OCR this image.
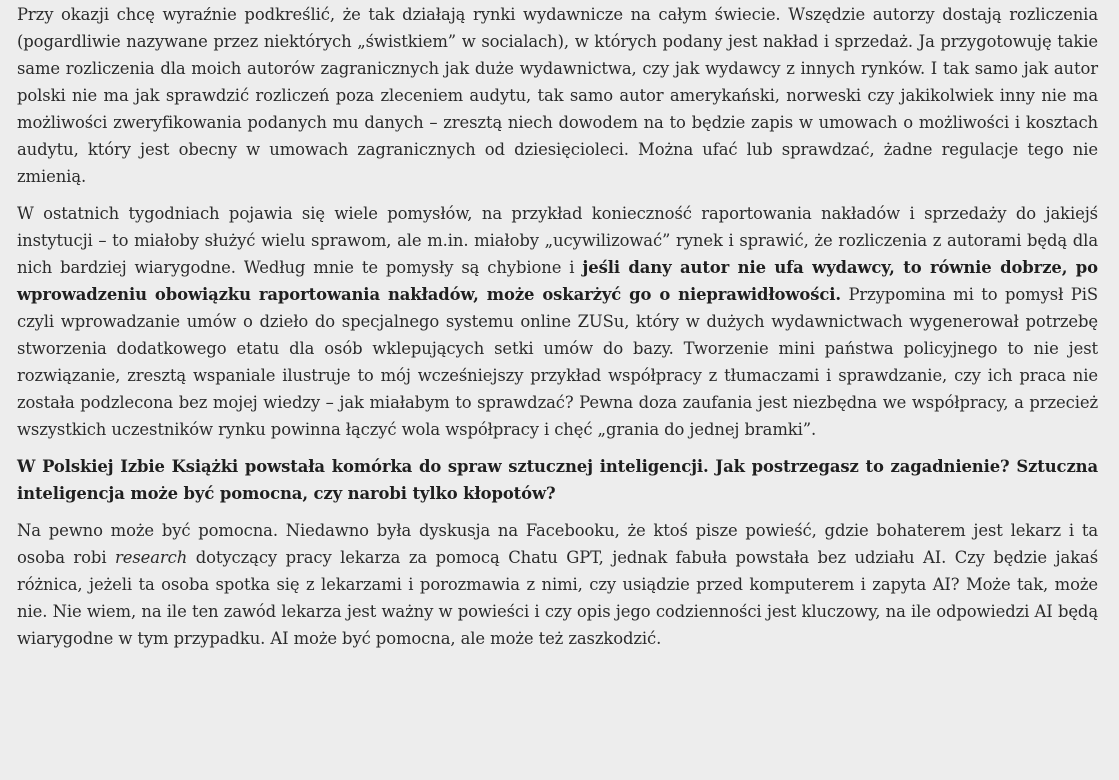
Przy okazji chcę wyraźnie podkreślić, że tak działają rynki wydawnicze na całym świecie. Wszędzie autorzy dostają rozliczenia (pogardliwie nazywane przez niektórych „świstkiem” w socialach), w których podany jest nakład i sprzedaż. Ja przygotowuję takie same rozliczenia dla moich autorów zagranicznych jak duże wydawnictwa, czy jak wydawcy z innych rynków. I tak samo jak autor polski nie ma jak sprawdzić rozliczeń poza zleceniem audytu, tak samo autor amerykański, norweski czy jakikolwiek inny nie ma możliwości zweryfikowania podanych mu danych – zresztą niech dowodem na to będzie zapis w umowach o możliwości i kosztach audytu, który jest obecny w umowach zagranicznych od dziesięcioleci. Można ufać lub sprawdzać, żadne regulacje tego nie zmienią.

W ostatnich tygodniach pojawia się wiele pomysłów, na przykład konieczność raportowania nakładów i sprzedaży do jakiejś instytucji – to miałoby służyć wielu sprawom, ale m.in. miałoby „ucywilizować” rynek i sprawić, że rozliczenia z autorami będą dla nich bardziej wiarygodne. Według mnie te pomysły są chybione i jeśli dany autor nie ufa wydawcy, to równie dobrze, po wprowadzeniu obowiązku raportowania nakładów, może oskarżyć go o nieprawidłowości. Przypomina mi to pomysł PiS czyli wprowadzanie umów o dzieło do specjalnego systemu online ZUSu, który w dużych wydawnictwach wygenerował potrzebę stworzenia dodatkowego etatu dla osób wklepujących setki umów do bazy. Tworzenie mini państwa policyjnego to nie jest rozwiązanie, zresztą wspaniale ilustruje to mój wcześniejszy przykład współpracy z tłumaczami i sprawdzanie, czy ich praca nie została podzlecona bez mojej wiedzy – jak miałabym to sprawdzać? Pewna doza zaufania jest niezbędna we współpracy, a przecież wszystkich uczestników rynku powinna łączyć wola współpracy i chęć „grania do jednej bramki”.

W Polskiej Izbie Książki powstała komórka do spraw sztucznej inteligencji. Jak postrzegasz to zagadnienie? Sztuczna inteligencja może być pomocna, czy narobi tylko kłopotów?

Na pewno może być pomocna. Niedawno była dyskusja na Facebooku, że ktoś pisze powieść, gdzie bohaterem jest lekarz i ta osoba robi research dotyczący pracy lekarza za pomocą Chatu GPT, jednak fabuła powstała bez udziału AI. Czy będzie jakaś różnica, jeżeli ta osoba spotka się z lekarzami i porozmawia z nimi, czy usiądzie przed komputerem i zapyta AI? Może tak, może nie. Nie wiem, na ile ten zawód lekarza jest ważny w powieści i czy opis jego codzienności jest kluczowy, na ile odpowiedzi AI będą wiarygodne w tym przypadku. AI może być pomocna, ale może też zaszkodzić.
